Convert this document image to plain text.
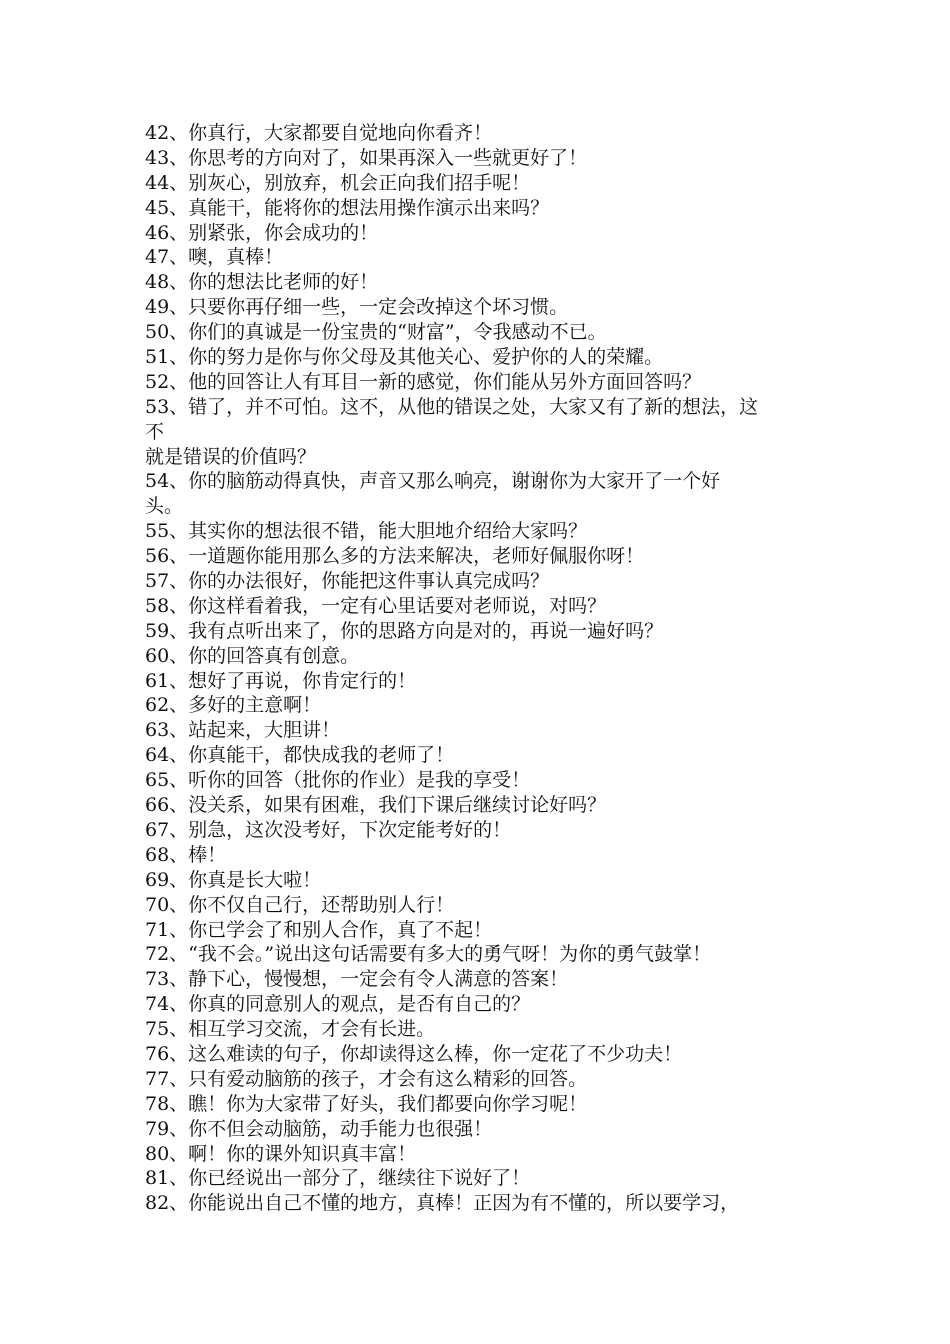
42、你真行，大家都要自觉地向你看齐！
43、你思考的方向对了，如果再深入一些就更好了！
44、别灰心，别放弃，机会正向我们招手呢！
45、真能干，能将你的想法用操作演示出来吗？
46、别紧张，你会成功的！
47、噢，真棒！
48、你的想法比老师的好！
49、只要你再仔细一些，一定会改掉这个坏习惯。
50、你们的真诚是一份宝贵的“财富”，令我感动不已。
51、你的努力是你与你父母及其他关心、爱护你的人的荣耀。
52、他的回答让人有耳目一新的感觉，你们能从另外方面回答吗？
53、错了，并不可怕。这不，从他的错误之处，大家又有了新的想法，这
不
就是错误的价值吗？
54、你的脑筋动得真快，声音又那么响亮，谢谢你为大家开了一个好
头。
55、其实你的想法很不错，能大胆地介绍给大家吗？
56、一道题你能用那么多的方法来解决，老师好佩服你呀！
57、你的办法很好，你能把这件事认真完成吗？
58、你这样看着我，一定有心里话要对老师说，对吗？
59、我有点听出来了，你的思路方向是对的，再说一遍好吗？
60、你的回答真有创意。
61、想好了再说，你肯定行的！
62、多好的主意啊！
63、站起来，大胆讲！
64、你真能干，都快成我的老师了！
65、听你的回答（批你的作业）是我的享受！
66、没关系，如果有困难，我们下课后继续讨论好吗？
67、别急，这次没考好，下次定能考好的！
68、棒！
69、你真是长大啦！
70、你不仅自己行，还帮助别人行！
71、你已学会了和别人合作，真了不起！
72、“我不会。”说出这句话需要有多大的勇气呀！为你的勇气鼓掌！
73、静下心，慢慢想，一定会有令人满意的答案！
74、你真的同意别人的观点，是否有自己的？
75、相互学习交流，才会有长进。
76、这么难读的句子，你却读得这么棒，你一定花了不少功夫！
77、只有爱动脑筋的孩子，才会有这么精彩的回答。
78、瞧！你为大家带了好头，我们都要向你学习呢！
79、你不但会动脑筋，动手能力也很强！
80、啊！你的课外知识真丰富！
81、你已经说出一部分了，继续往下说好了！
82、你能说出自己不懂的地方，真棒！正因为有不懂的，所以要学习，
